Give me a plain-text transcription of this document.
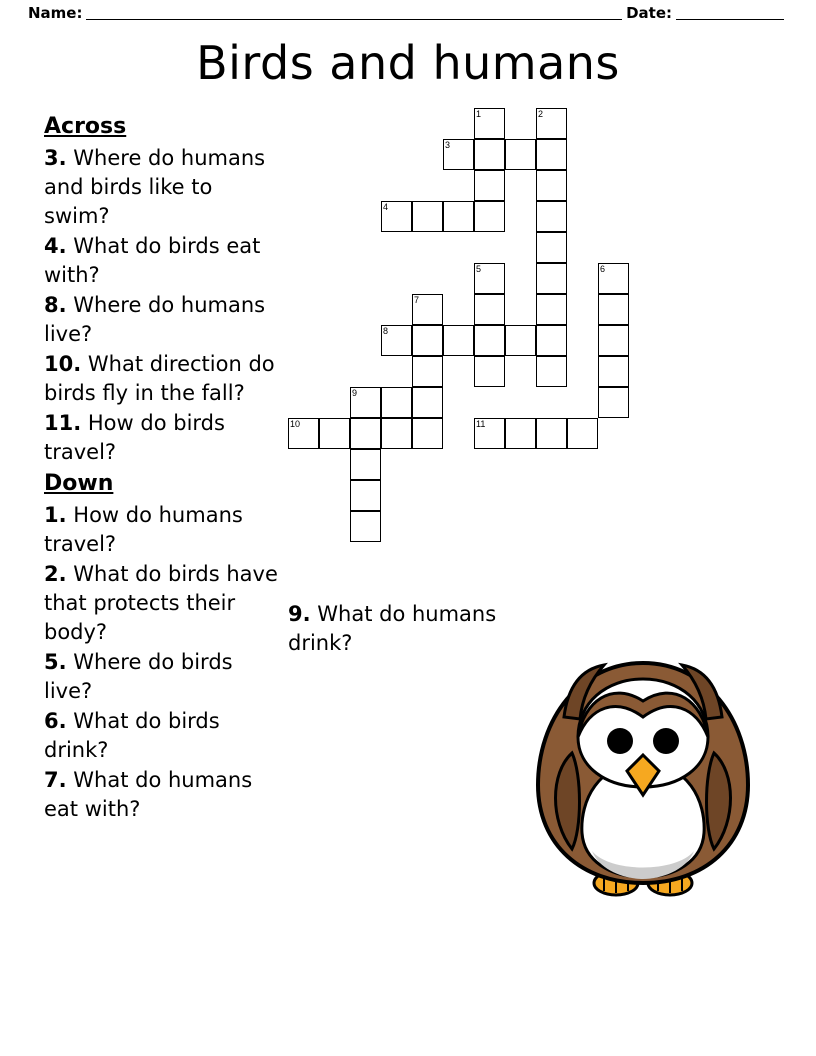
Name:	Date:
Birds and humans
Across
3. Where do humans and birds like to swim?
4. What do birds eat with?
8. Where do humans live?
10. What direction do birds fly in the fall?
11. How do birds travel?
Down
1. How do humans travel?
2. What do birds have that protects their body?
5. Where do birds live?
6. What do birds drink?
7. What do humans eat with?
9. What do humans drink?
1	2
3
4
5	6
7
8
9
10	11
